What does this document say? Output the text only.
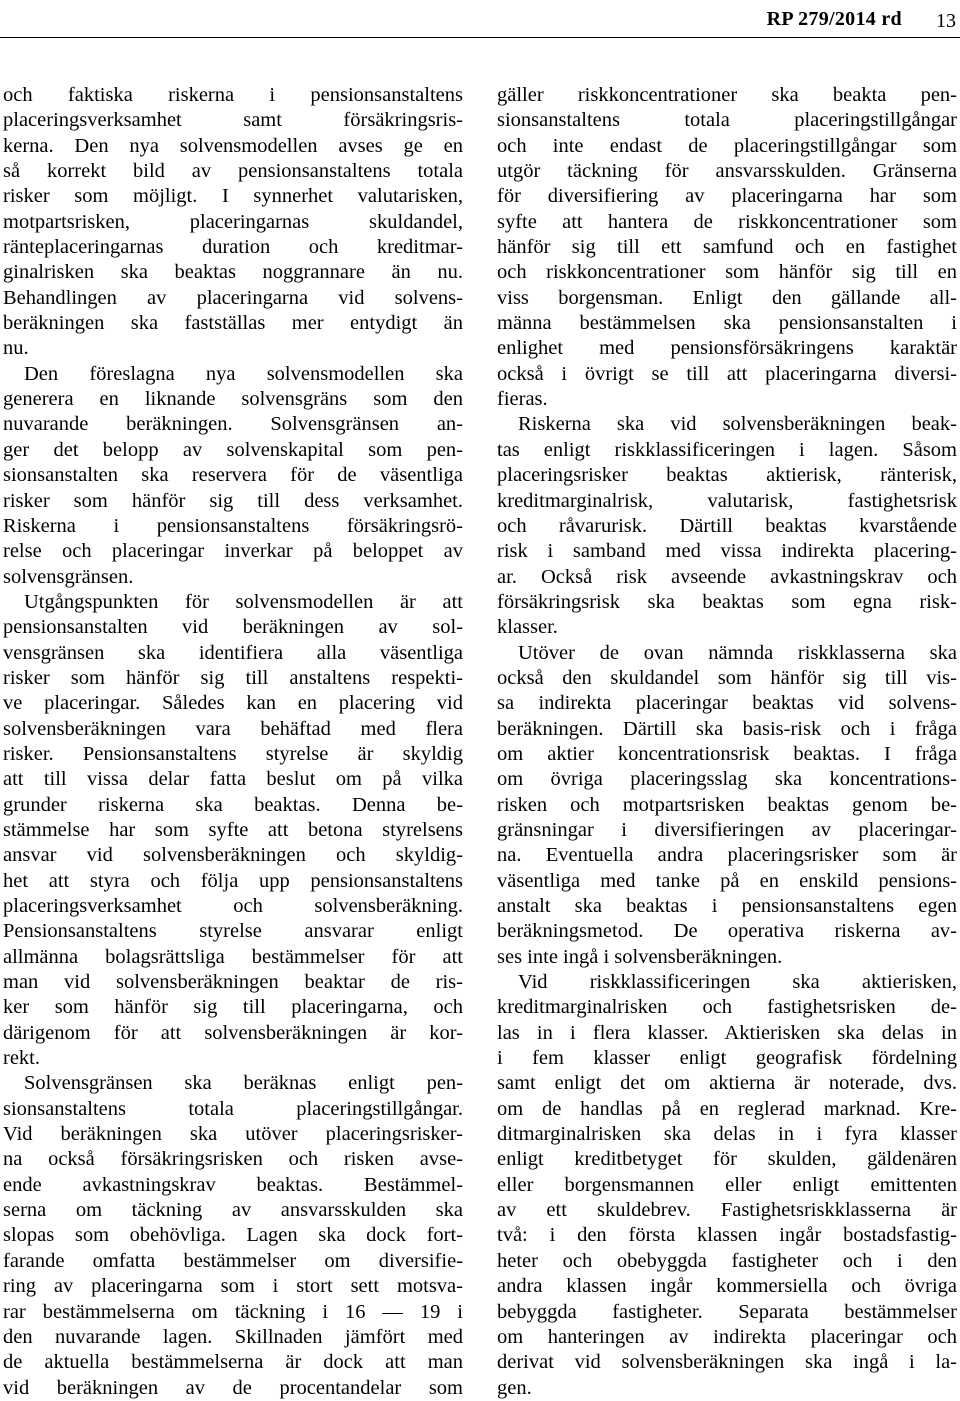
RP 279/2014 rd 13
och faktiska riskerna i pensionsanstaltens
placeringsverksamhet samt försäkringsris-
kerna. Den nya solvensmodellen avses ge en
så korrekt bild av pensionsanstaltens totala
risker som möjligt. I synnerhet valutarisken,
motpartsrisken, placeringarnas skuldandel,
ränteplaceringarnas duration och kreditmar-
ginalrisken ska beaktas noggrannare än nu.
Behandlingen av placeringarna vid solvens-
beräkningen ska fastställas mer entydigt än
nu.
Den föreslagna nya solvensmodellen ska
generera en liknande solvensgräns som den
nuvarande beräkningen. Solvensgränsen an-
ger det belopp av solvenskapital som pen-
sionsanstalten ska reservera för de väsentliga
risker som hänför sig till dess verksamhet.
Riskerna i pensionsanstaltens försäkringsrö-
relse och placeringar inverkar på beloppet av
solvensgränsen.
Utgångspunkten för solvensmodellen är att
pensionsanstalten vid beräkningen av sol-
vensgränsen ska identifiera alla väsentliga
risker som hänför sig till anstaltens respekti-
ve placeringar. Således kan en placering vid
solvensberäkningen vara behäftad med flera
risker. Pensionsanstaltens styrelse är skyldig
att till vissa delar fatta beslut om på vilka
grunder riskerna ska beaktas. Denna be-
stämmelse har som syfte att betona styrelsens
ansvar vid solvensberäkningen och skyldig-
het att styra och följa upp pensionsanstaltens
placeringsverksamhet och solvensberäkning.
Pensionsanstaltens styrelse ansvarar enligt
allmänna bolagsrättsliga bestämmelser för att
man vid solvensberäkningen beaktar de ris-
ker som hänför sig till placeringarna, och
därigenom för att solvensberäkningen är kor-
rekt.
Solvensgränsen ska beräknas enligt pen-
sionsanstaltens totala placeringstillgångar.
Vid beräkningen ska utöver placeringsrisker-
na också försäkringsrisken och risken avse-
ende avkastningskrav beaktas. Bestämmel-
serna om täckning av ansvarsskulden ska
slopas som obehövliga. Lagen ska dock fort-
farande omfatta bestämmelser om diversifie-
ring av placeringarna som i stort sett motsva-
rar bestämmelserna om täckning i 16 — 19 i
den nuvarande lagen. Skillnaden jämfört med
de aktuella bestämmelserna är dock att man
vid beräkningen av de procentandelar som
gäller riskkoncentrationer ska beakta pen-
sionsanstaltens totala placeringstillgångar
och inte endast de placeringstillgångar som
utgör täckning för ansvarsskulden. Gränserna
för diversifiering av placeringarna har som
syfte att hantera de riskkoncentrationer som
hänför sig till ett samfund och en fastighet
och riskkoncentrationer som hänför sig till en
viss borgensman. Enligt den gällande all-
männa bestämmelsen ska pensionsanstalten i
enlighet med pensionsförsäkringens karaktär
också i övrigt se till att placeringarna diversi-
fieras.
Riskerna ska vid solvensberäkningen beak-
tas enligt riskklassificeringen i lagen. Såsom
placeringsrisker beaktas aktierisk, ränterisk,
kreditmarginalrisk, valutarisk, fastighetsrisk
och råvarurisk. Därtill beaktas kvarstående
risk i samband med vissa indirekta placering-
ar. Också risk avseende avkastningskrav och
försäkringsrisk ska beaktas som egna risk-
klasser.
Utöver de ovan nämnda riskklasserna ska
också den skuldandel som hänför sig till vis-
sa indirekta placeringar beaktas vid solvens-
beräkningen. Därtill ska basis-risk och i fråga
om aktier koncentrationsrisk beaktas. I fråga
om övriga placeringsslag ska koncentrations-
risken och motpartsrisken beaktas genom be-
gränsningar i diversifieringen av placeringar-
na. Eventuella andra placeringsrisker som är
väsentliga med tanke på en enskild pensions-
anstalt ska beaktas i pensionsanstaltens egen
beräkningsmetod. De operativa riskerna av-
ses inte ingå i solvensberäkningen.
Vid riskklassificeringen ska aktierisken,
kreditmarginalrisken och fastighetsrisken de-
las in i flera klasser. Aktierisken ska delas in
i fem klasser enligt geografisk fördelning
samt enligt det om aktierna är noterade, dvs.
om de handlas på en reglerad marknad. Kre-
ditmarginalrisken ska delas in i fyra klasser
enligt kreditbetyget för skulden, gäldenären
eller borgensmannen eller enligt emittenten
av ett skuldebrev. Fastighetsriskklasserna är
två: i den första klassen ingår bostadsfastig-
heter och obebyggda fastigheter och i den
andra klassen ingår kommersiella och övriga
bebyggda fastigheter. Separata bestämmelser
om hanteringen av indirekta placeringar och
derivat vid solvensberäkningen ska ingå i la-
gen.
